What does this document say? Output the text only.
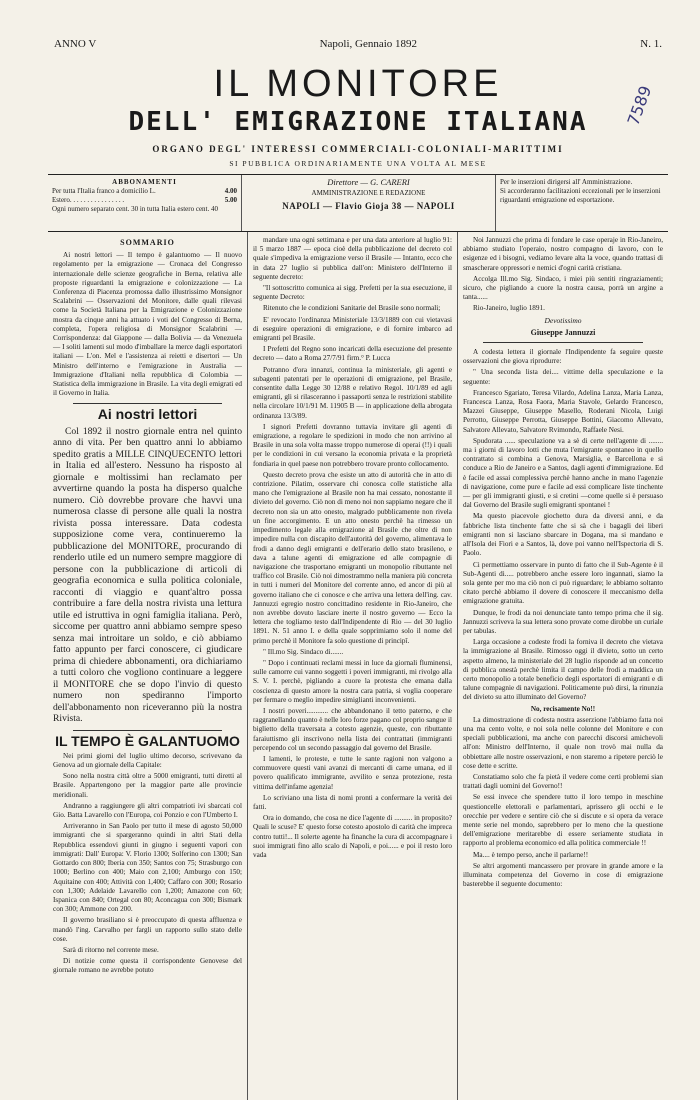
7589
ANNO V	Napoli, Gennaio 1892	N. 1.
IL MONITORE
DELL' EMIGRAZIONE ITALIANA
ORGANO DEGL' INTERESSI COMMERCIALI-COLONIALI-MARITTIMI
SI PUBBLICA ORDINARIAMENTE UNA VOLTA AL MESE
ABBONAMENTI
Per tutta l'Italia franco a domicilio L.	4.00
Estero. . . . . . . . . . . . . . . .	5.00
Ogni numero separato cent. 30 in tutta Italia estero cent. 40
Direttore — G. CARERI
AMMINISTRAZIONE E REDAZIONE
NAPOLI — Flavio Gioja 38 — NAPOLI
Per le inserzioni dirigersi all' Amministrazione.
Si accorderanno facilitazioni eccezionali per le inserzioni riguardanti emigrazione ed esportazione.
SOMMARIO

Ai nostri lettori — Il tempo è galantuomo — Il nuovo regolamento per la emigrazione — Cronaca del Congresso internazionale delle scienze geografiche in Berna, relativa alle proposte riguardanti la emigrazione e colonizzazione — La Conferenza di Piacenza promossa dallo illustrissimo Monsignor Scalabrini — Osservazioni del Monitore, dalle quali rilevasi come la Società Italiana per la Emigrazione e Colonizzazione mostra da cinque anni ha attuato i voti del Congresso di Berna, completa, l'opera religiosa di Monsignor Scalabrini — Corrispondenza: dal Giappone — dalla Bolivia — da Venezuela — I soliti lamenti sul modo d'imballare la merce dagli esportatori italiani — L'on. Mel e l'assistenza ai reietti e disertori — Un Ministro dell'interno e l'emigrazione in Australia — Immigrazione d'Italiani nella repubblica di Colombia — Statistica della immigrazione in Brasile. La vita degli emigrati ed il Governo in Italia.

Ai nostri lettori

Col 1892 il nostro giornale entra nel quinto anno di vita. Per ben quattro anni lo abbiamo spedito gratis a MILLE CINQUECENTO lettori in Italia ed all'estero. Nessuno ha risposto al giornale e moltissimi han reclamato per avvertirne quando la posta ha disperso qualche numero. Ciò dovrebbe provare che havvi una numerosa classe di persone alle quali la nostra rivista possa interessare. Data codesta supposizione come vera, continueremo la pubblicazione del MONITORE, procurando di renderlo utile ed un numero sempre maggiore di persone con la pubblicazione di articoli di geografia economica e sulla politica coloniale, racconti di viaggio e quant'altro possa contribuire a fare della nostra rivista una lettura utile ed istruttiva in ogni famiglia italiana. Però, siccome per quattro anni abbiamo sempre speso senza mai introitare un soldo, e ciò abbiamo fatto appunto per farci conoscere, ci giudicare prima di chiedere abbonamenti, ora dichiariamo a tutti coloro che vogliono continuare a leggere il MONITORE che se dopo l'invio di questo numero non spediranno l'importo dell'abbonamento non riceveranno più la nostra Rivista.

IL TEMPO È GALANTUOMO

Nei primi giorni del luglio ultimo decorso, scrivevano da Genova ad un giornale della Capitale:

Sono nella nostra città oltre a 5000 emigranti, tutti diretti al Brasile. Appartengono per la maggior parte alle provincie meridionali.

Andranno a raggiungere gli altri compatrioti ivi sbarcati col Gio. Batta Lavarello con l'Europa, coi Ponzio e con l'Umberto I.

Arriveranno in San Paolo per tutto il mese di agosto 50,000 immigranti che si spargeranno quindi in altri Stati della Repubblica essendovi giunti in giugno i seguenti vapori con immigrati: Dall' Europa: V. Florio 1300; Solferino con 1300; San Gottardo con 800; Iberia con 350; Santos con 75; Strasburgo con 1000; Berlino con 400; Maio con 2,100; Amburgo con 150; Aquitaine con 400; Attività con 1,400; Caffaro con 300; Rosario con 1,300; Adelaide Lavarello con 1,200; Amazone con 60; Ispanica con 840; Ortegal con 80; Aconcagua con 300; Bismark con 300; Ammone con 200.

Il governo brasiliano si è preoccupato di questa affluenza e mandò l'ing. Carvalho per fargli un rapporto sullo stato delle cose.

Sarà di ritorno nel corrente mese.

Di notizie come questa il corrispondente Genovese del giornale romano ne avrebbe potuto

mandare una ogni settimana e per una data anteriore al luglio 91: il 5 marzo 1887 — epoca cioè della pubblicazione del decreto col quale s'impediva la emigrazione verso il Brasile — Intanto, ecco che in data 27 luglio si pubblica dall'on: Ministero dell'Interno il seguente decreto:

"Il sottoscritto comunica ai sigg. Prefetti per la sua esecuzione, il seguente Decreto:

Ritenuto che le condizioni Sanitarie del Brasile sono normali;

E' revocato l'ordinanza Ministeriale 13/3/1889 con cui vietavasi di eseguire operazioni di emigrazione, e di fornire imbarco ad emigranti pel Brasile.

I Prefetti del Regno sono incaricati della esecuzione del presente decreto — dato a Roma 27/7/91 firm.° P. Lucca

Potranno d'ora innanzi, continua la ministeriale, gli agenti e subagenti patentati per le operazioni di emigrazione, pel Brasile, consentite dalla Legge 30 12/88 e relativo Regol. 10/1/89 ed agli emigranti, gli si rilasceranno i passaporti senza le restrizioni stabilite nella circolare 10/1/91 M. 11905 B — in applicazione della abrogata ordinanza 13/3/89.

I signori Prefetti dovranno tuttavia invitare gli agenti di emigrazione, a regolare le spedizioni in modo che non arrivino al Brasile in una sola volta masse troppo numerose di operai (!!) i quali per le condizioni in cui versano la economia privata e la proprietà fondiaria in quel paese non potrebbero trovare pronto collocamento.

Questo decreto prova che esiste un atto di autorità che in atto di contrizione. Pilatim, osservare chi conosca colle statistiche alla mano che l'emigrazione al Brasile non ha mai cessato, nonostante il divieto del governo. Ciò non di meno noi non sappiamo negare che il decreto non sia un atto onesto, malgrado pubblicamente non rivela un fine accorgimento. E un atto onesto perchè ha rimesso un impedimento legale alla emigrazione al Brasile che oltre di non impedire nulla con discapito dell'autorità del governo, alimentava le frodi a danno degli emigranti e dell'erario dello stato brasileno, e dava a talune agenti di emigrazione ed alle compagnie di navigazione che trasportano emigranti un monopolio ributtante nel traffico col Brasile. Ciò noi dimostrammo nella maniera più concreta in tutti i numeri del Monitore del corrente anno, ed ancor di più al governo italiano che ci conosce e che arriva una lettera dell'ing. cav. Jannuzzi egregio nostro concittadino residente in Rio-Janeiro, che non avrebbe dovuto lasciare inerte il nostro governo — Ecco la lettera che togliamo testo dall'Indipendente di Rio — del 30 luglio 1891. N. 51 anno I. e della quale sopprimiamo solo il nome del primo perchè il Monitore fa solo questione di principî.

" Ill.mo Sig. Sindaco di.......

" Dopo i continuati reclami messi in luce da giornali fluminensi, sulle camorre cui vanno soggetti i poveri immigranti, mi rivolgo alla S. V. I. perchè, pigliando a cuore la protesta che emana dalla coscienza di questo amore la nostra cara patria, si voglia cooperare per fermare o meglio impedire simiglianti inconvenienti.

I nostri poveri............ che abbandonano il tetto paterno, e che raggranellando quanto è nelle loro forze pagano col proprio sangue il biglietto della traversata a cotesto agenzie, queste, con ributtante faraiuttismo gli inscrivono nella lista dei contrattati (immigranti percependo col un secondo passaggio dal governo del Brasile.

I lamenti, le proteste, e tutte le sante ragioni non valgono a commuovere questi vani avanzi di mercanti di carne umana, ed il povero qualificato immigrante, avvilito e senza protezione, resta vittima dell'infame agenzia!

Lo scriviano una lista di nomi pronti a confermare la verità dei fatti.

Ora io domando, che cosa ne dice l'agente di .......... in proposito? Quali le scuse? E' questo forse cotesto apostolo di carità che impreca contro tutti!... Il solerte agente ha finanche la cura di accompagnare i suoi immigrati fino allo scalo di Napoli, e poi...... e poi il resto loro vada

Noi Jannuzzi che prima di fondare le case operaje in Rio-Janeiro, abbiamo studiato l'operaio, nostro compagno di lavoro, con le esigenze ed i bisogni, vediamo levare alta la voce, quando trattasi di smascherare oppressori e nemici d'ogni carità cristiana.

Accolga Ill.mo Sig. Sindaco, i miei più sentiti ringraziamenti; sicuro, che pigliando a cuore la nostra causa, porrà un argine a tanta......

Rio-Janeiro, luglio 1891.

Devotissimo
Giuseppe Jannuzzi

A codesta lettera il giornale l'Indipendente fa seguire queste osservazioni che giova riprodurre:

" Una seconda lista dei.... vittime della speculazione e la seguente:

Francesco Sgariato, Teresa Vilardo, Adelina Lanza, Maria Lanza, Francesca Lanza, Rosa Faora, Maria Stavole, Gelardo Francesco, Mazzei Giuseppe, Giuseppe Masello, Roderani Nicola, Luigi Perrotto, Giuseppe Perrotta, Giuseppe Bottini, Giacomo Allevato, Salvatore Allevato, Salvatore Rvimondo, Raffaele Nesi.

Spudorata ...... speculazione va a sè di certe nell'agente di ........ ma i giorni di lavoro lotti che muta l'emigrante spontaneo in quello contrattato si combina a Genova, Marsiglia, e Barcellona e si conduce a Rio de Janeiro e a Santos, dagli agenti d'immigrazione. Ed è facile ed assai complessiva perchè hanno anche in mano l'agenzie di navigazione, come pure e facile ad essi complicare liste tinchente — per gli immigranti giusti, e si cretini —come quelle si è persuaso dal Governo del Brasile sugli emigranti spontanei !

Ma questo piacevole giochetto dura da diversi anni, e da fabbriche lista tinchente fatte che si sà che i bagagli dei liberi emigranti non si lasciano sbarcare in Dogana, ma si mandano e all'Isola dei Fiori e a Santos, là, dove poi vanno nell'Ispectoria di S. Paolo.

Ci permettiamo osservare in punto di fatto che il Sub-Agente è il Sub-Agenti di..... potrebbero anche essere loro ingannati, siamo la sola gente per mo ma ciò non ci può riguardare; le abbiamo soltanto citato perchè abbiamo il dovere di conoscere il meccanismo della emigrazione gratuita.

Dunque, le frodi da noi denunciate tanto tempo prima che il sig. Jannuzzi scriveva la sua lettera sono provate come dirobbe un curiale per tabulas.

Larga occasione a codeste frodi la forniva il decreto che vietava la immigrazione al Brasile. Rimosso oggi il divieto, sotto un certo aspetto almeno, la ministeriale del 28 luglio risponde ad un concetto di pubblica onestà perchè limita il campo delle frodi a maddica un certo monopolio a totale beneficio degli esportatori di emigranti e di talune compagnie di navigazioni. Politicamente può dirsi, la rinunzia del divieto su atto illuminato del Governo?

No, recisamente No!!

La dimostrazione di codesta nostra asserzione l'abbiamo fatta noi una ma cento volte, e noi sola nelle colonne del Monitore e con speciali pubblicazioni, ma anche con parecchi discorsi amichevoli all'on: Ministro dell'Interno, il quale non trovò mai nulla da obbiettare alle nostre osservazioni, e non staremo a ripetere perciò le cose dette e scritte.

Constatiamo solo che fa pietà il vedere come certi problemi sian trattati dagli uomini del Governo!!

Se essi invece che spendere tutto il loro tempo in meschine questioncelle elettorali e parlamentari, aprissero gli occhi e le orecchie per vedere e sentire ciò che si discute e si opera da verace mente serie nel mondo, saprebbero per lo meno che la questione dell'emigrazione meritarebbe di essere seriamente studiata in rapporto al problema economico ed alla politica commerciale !!

Ma.... è tempo perso, anche il parlarne!!

Se altri argomenti mancassero per provare in grande amore e la illuminata competenza del Governo in cose di emigrazione basterebbe il seguente documento:
